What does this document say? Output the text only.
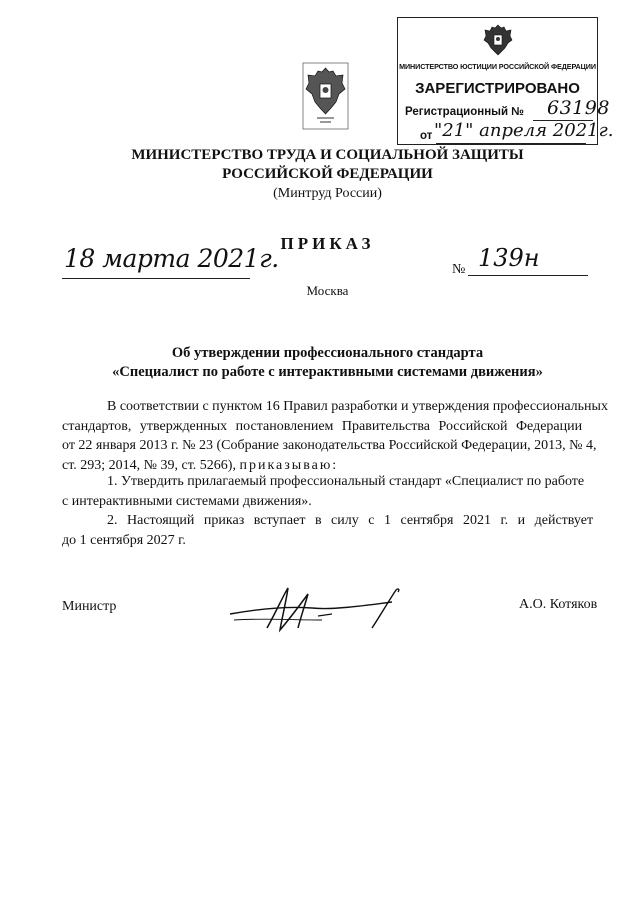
МИНИСТЕРСТВО ЮСТИЦИИ РОССИЙСКОЙ ФЕДЕРАЦИИ
ЗАРЕГИСТРИРОВАНО
Регистрационный №
от
63198
"21" апреля 2021г.
МИНИСТЕРСТВО ТРУДА И СОЦИАЛЬНОЙ ЗАЩИТЫ
РОССИЙСКОЙ ФЕДЕРАЦИИ
(Минтруд России)
ПРИКАЗ
18 марта 2021г.	№ 139н
Москва
Об утверждении профессионального стандарта
«Специалист по работе с интерактивными системами движения»
В соответствии с пунктом 16 Правил разработки и утверждения профессиональных
стандартов, утвержденных постановлением Правительства Российской Федерации
от 22 января 2013 г. № 23 (Собрание законодательства Российской Федерации, 2013, № 4,
ст. 293; 2014, № 39, ст. 5266), приказываю:
1. Утвердить прилагаемый профессиональный стандарт «Специалист по работе
с интерактивными системами движения».
2. Настоящий приказ вступает в силу с 1 сентября 2021 г. и действует
до 1 сентября 2027 г.
Министр	А.О. Котяков
